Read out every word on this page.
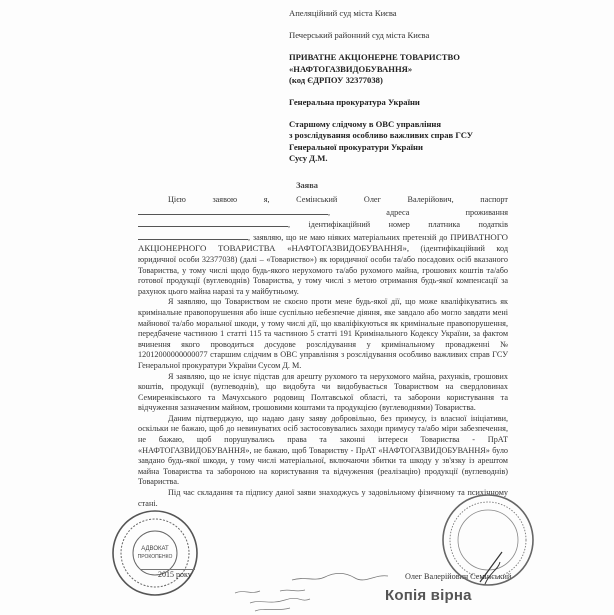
Апеляційний суд міста Києва
Печерський районний суд міста Києва
ПРИВАТНЕ АКЦІОНЕРНЕ ТОВАРИСТВО
«НАФТОГАЗВИДОБУВАННЯ»
(код ЄДРПОУ 32377038)
Генеральна прокуратура України
Старшому слідчому в ОВС управління
з розслідування особливо важливих справ ГСУ
Генеральної прокуратури України
Сусу Д.М.
Заява

Цією заявою я, Семінський Олег Валерійович, паспорт , адреса проживання , ідентифікаційний номер платника податків , заявляю, що не маю ніяких матеріальних претензій до ПРИВАТНОГО АКЦІОНЕРНОГО ТОВАРИСТВА «НАФТОГАЗВИДОБУВАННЯ», (ідентифікаційний код юридичної особи 32377038) (далі – «Товариство») як юридичної особи та/або посадових осіб вказаного Товариства, у тому числі щодо будь-якого нерухомого та/або рухомого майна, грошових коштів та/або готової продукції (вуглеводнів) Товариства, у тому числі з метою отримання будь-якої компенсації за рахунок цього майна наразі та у майбутньому.

Я заявляю, що Товариством не скоєно проти мене будь-якої дії, що може кваліфікуватись як кримінальне правопорушення або інше суспільно небезпечне діяння, яке завдало або могло завдати мені майнової та/або моральної шкоди, у тому числі дії, що кваліфікуються як кримінальне правопорушення, передбачене частиною 1 статті 115 та частиною 5 статті 191 Кримінального Кодексу України, за фактом вчинення якого проводиться досудове розслідування у кримінальному провадженні № 12012000000000077 старшим слідчим в ОВС управління з розслідування особливо важливих справ ГСУ Генеральної прокуратури України Сусом Д. М.

Я заявляю, що не існує підстав для арешту рухомого та нерухомого майна, рахунків, грошових коштів, продукції (вуглеводнів), що видобута чи видобувається Товариством на свердловинах Семиренківського та Мачухського родовищ Полтавської області, та заборони користування та відчуження зазначеним майном, грошовими коштами та продукцією (вуглеводнями) Товариства.

Даним підтверджую, що надаю дану заяву добровільно, без примусу, із власної ініціативи, оскільки не бажаю, щоб до невинуватих осіб застосовувались заходи примусу та/або міри забезпечення, не бажаю, щоб порушувались права та законні інтереси Товариства - ПрАТ «НАФТОГАЗВИДОБУВАННЯ», не бажаю, щоб Товариству - ПрАТ «НАФТОГАЗВИДОБУВАННЯ» було завдано будь-якої шкоди, у тому числі матеріальної, включаючи збитки та шкоду у зв'язку із арештом майна Товариства та забороною на користування та відчуження (реалізацію) продукції (вуглеводнів) Товариства.

Під час складання та підпису даної заяви знаходжусь у задовільному фізичному та психічному стані.

АДВОКАТ
ПРОКОПЕНКО
2015 року	Олег Валерійович Семінський
Копія вірна
